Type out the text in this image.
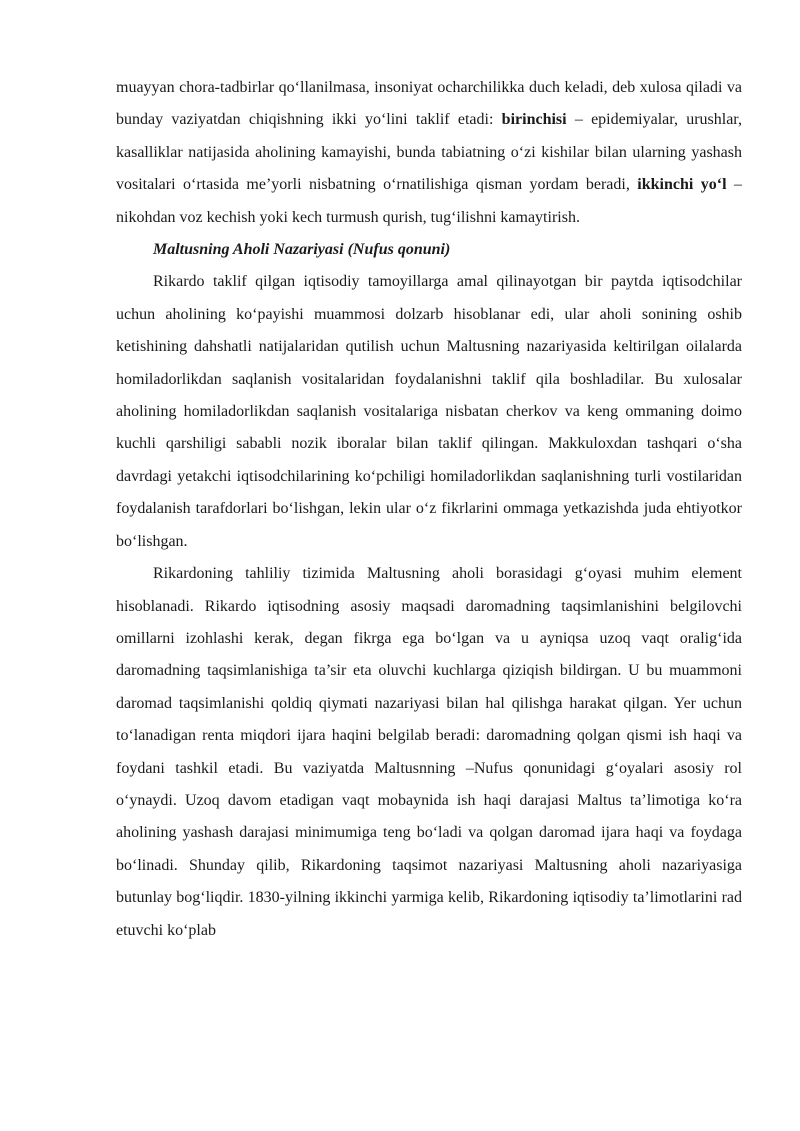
muayyan chora-tadbirlar qo‘llanilmasa, insoniyat ocharchilikka duch keladi, deb xulosa qiladi va bunday vaziyatdan chiqishning ikki yo‘lini taklif etadi: birinchisi – epidemiyalar, urushlar, kasalliklar natijasida aholining kamayishi, bunda tabiatning o‘zi kishilar bilan ularning yashash vositalari o‘rtasida me’yorli nisbatning o‘rnatilishiga qisman yordam beradi, ikkinchi yo‘l – nikohdan voz kechish yoki kech turmush qurish, tug‘ilishni kamaytirish.

Maltusning Aholi Nazariyasi (Nufus qonuni)

Rikardo taklif qilgan iqtisodiy tamoyillarga amal qilinayotgan bir paytda iqtisodchilar uchun aholining ko‘payishi muammosi dolzarb hisoblanar edi, ular aholi sonining oshib ketishining dahshatli natijalaridan qutilish uchun Maltusning nazariyasida keltirilgan oilalarda homiladorlikdan saqlanish vositalaridan foydalanishni taklif qila boshladilar. Bu xulosalar aholining homiladorlikdan saqlanish vositalariga nisbatan cherkov va keng ommaning doimo kuchli qarshiligi sababli nozik iboralar bilan taklif qilingan. Makkuloxdan tashqari o‘sha davrdagi yetakchi iqtisodchilarining ko‘pchiligi homiladorlikdan saqlanishning turli vostilaridan foydalanish tarafdorlari bo‘lishgan, lekin ular o‘z fikrlarini ommaga yetkazishda juda ehtiyotkor bo‘lishgan.

Rikardoning tahliliy tizimida Maltusning aholi borasidagi g‘oyasi muhim element hisoblanadi. Rikardo iqtisodning asosiy maqsadi daromadning taqsimlanishini belgilovchi omillarni izohlashi kerak, degan fikrga ega bo‘lgan va u ayniqsa uzoq vaqt oralig‘ida daromadning taqsimlanishiga ta’sir eta oluvchi kuchlarga qiziqish bildirgan. U bu muammoni daromad taqsimlanishi qoldiq qiymati nazariyasi bilan hal qilishga harakat qilgan. Yer uchun to‘lanadigan renta miqdori ijara haqini belgilab beradi: daromadning qolgan qismi ish haqi va foydani tashkil etadi. Bu vaziyatda Maltusnning –Nufus qonunidagi g‘oyalari asosiy rol o‘ynaydi. Uzoq davom etadigan vaqt mobaynida ish haqi darajasi Maltus ta’limotiga ko‘ra aholining yashash darajasi minimumiga teng bo‘ladi va qolgan daromad ijara haqi va foydaga bo‘linadi. Shunday qilib, Rikardoning taqsimot nazariyasi Maltusning aholi nazariyasiga butunlay bog‘liqdir. 1830-yilning ikkinchi yarmiga kelib, Rikardoning iqtisodiy ta’limotlarini rad etuvchi ko‘plab
